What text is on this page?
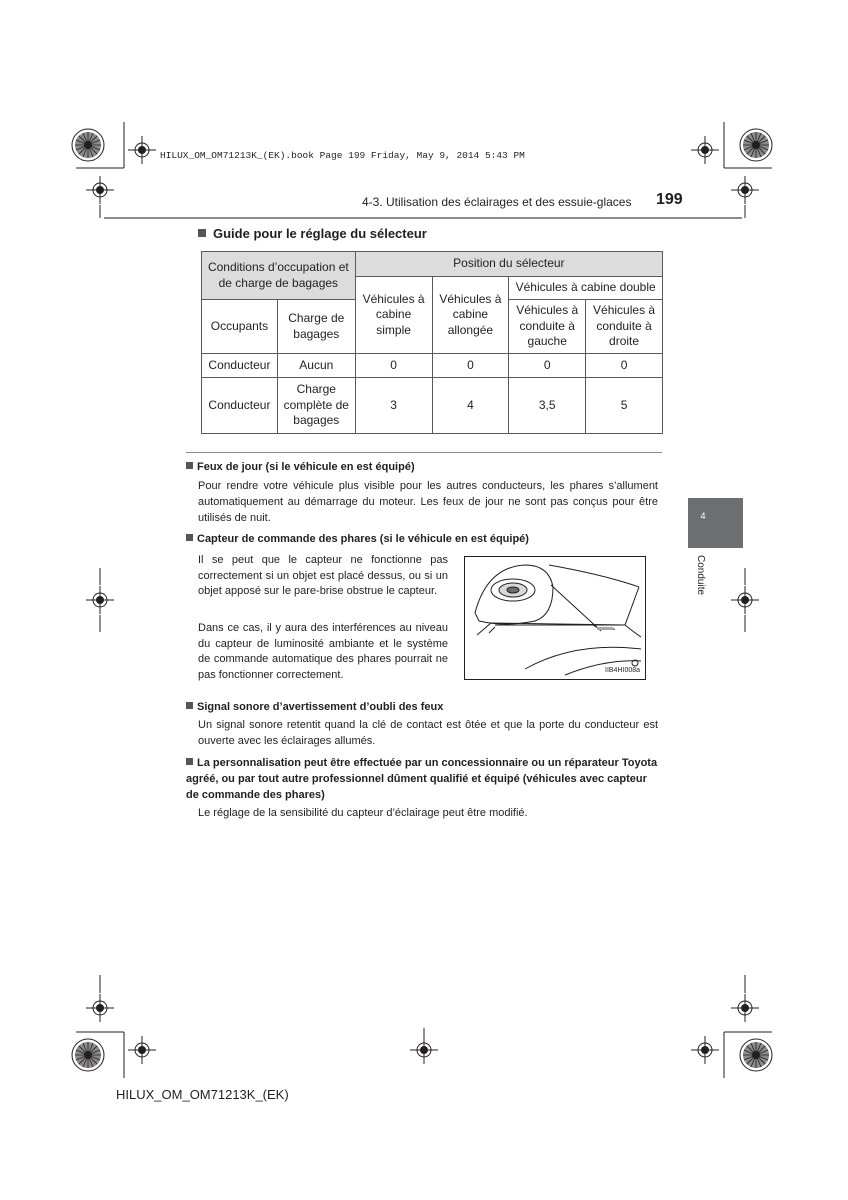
HILUX_OM_OM71213K_(EK).book Page 199 Friday, May 9, 2014 5:43 PM
4-3. Utilisation des éclairages et des essuie-glaces 199
4
Conduite
Guide pour le réglage du sélecteur
Conditions d’occupation et de charge de bagages		Position du sélecteur			
		Véhicules à cabine simple	Véhicules à cabine allongée	Véhicules à cabine double	
Occupants	Charge de bagages			Véhicules à conduite à gauche	Véhicules à conduite à droite
Conducteur	Aucun	0	0	0	0
Conducteur	Charge complète de bagages	3	4	3,5	5
Feux de jour (si le véhicule en est équipé)
Pour rendre votre véhicule plus visible pour les autres conducteurs, les phares s’allument automatiquement au démarrage du moteur. Les feux de jour ne sont pas conçus pour être utilisés de nuit.
Capteur de commande des phares (si le véhicule en est équipé)
Il se peut que le capteur ne fonctionne pas correctement si un objet est placé dessus, ou si un objet apposé sur le pare-brise obstrue le capteur.
Dans ce cas, il y aura des interférences au niveau du capteur de luminosité ambiante et le système de commande automatique des phares pourrait ne pas fonctionner correctement.	IIB4HI008a
Signal sonore d’avertissement d’oubli des feux
Un signal sonore retentit quand la clé de contact est ôtée et que la porte du conducteur est ouverte avec les éclairages allumés.
La personnalisation peut être effectuée par un concessionnaire ou un réparateur Toyota agréé, ou par tout autre professionnel dûment qualifié et équipé (véhicules avec capteur de commande des phares)
Le réglage de la sensibilité du capteur d’éclairage peut être modifié.
HILUX_OM_OM71213K_(EK)
